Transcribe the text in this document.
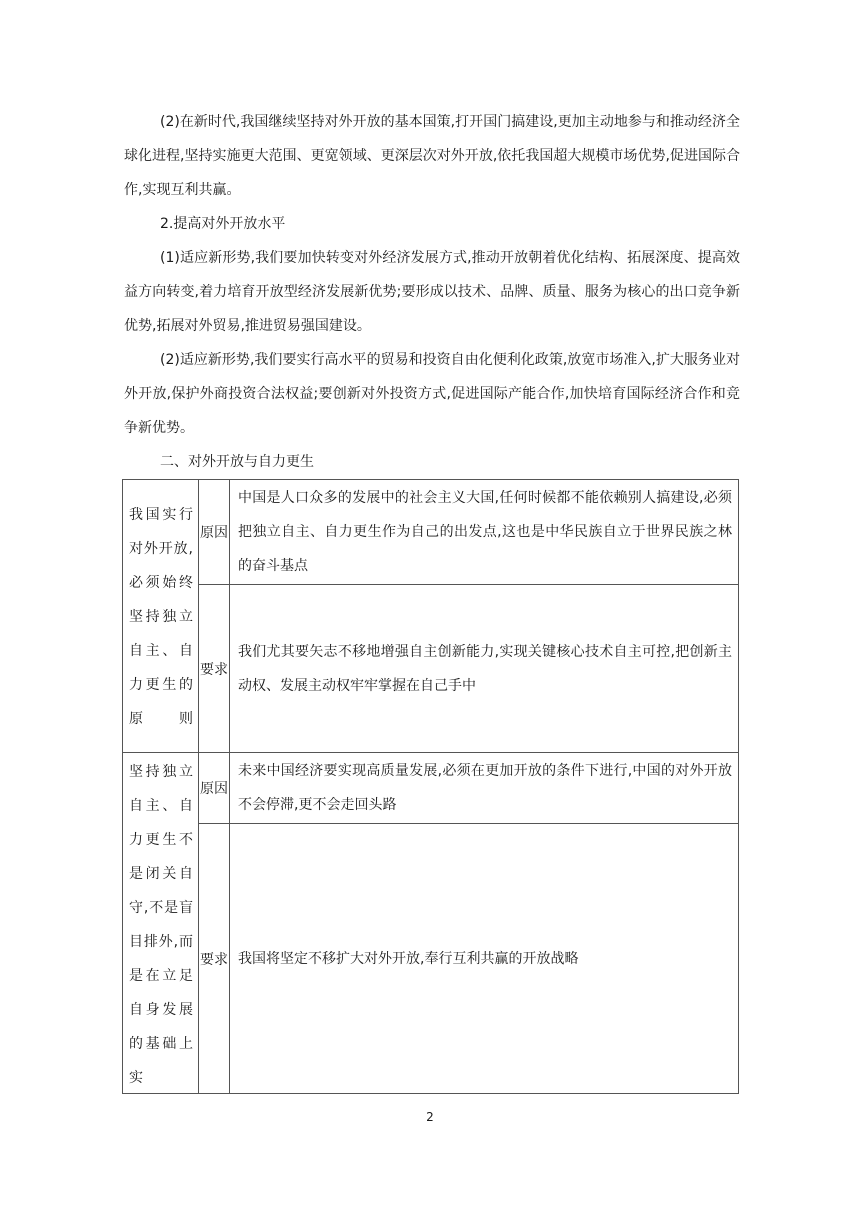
(2)在新时代,我国继续坚持对外开放的基本国策,打开国门搞建设,更加主动地参与和推动经济全球化进程,坚持实施更大范围、更宽领域、更深层次对外开放,依托我国超大规模市场优势,促进国际合作,实现互利共赢。

2.提高对外开放水平

(1)适应新形势,我们要加快转变对外经济发展方式,推动开放朝着优化结构、拓展深度、提高效益方向转变,着力培育开放型经济发展新优势;要形成以技术、品牌、质量、服务为核心的出口竞争新优势,拓展对外贸易,推进贸易强国建设。

(2)适应新形势,我们要实行高水平的贸易和投资自由化便利化政策,放宽市场准入,扩大服务业对外开放,保护外商投资合法权益;要创新对外投资方式,促进国际产能合作,加快培育国际经济合作和竞争新优势。

二、对外开放与自力更生

我国实行对外开放,必须始终坚持独立自主、自力更生的原则	原因	中国是人口众多的发展中的社会主义大国,任何时候都不能依赖别人搞建设,必须把独立自主、自力更生作为自己的出发点,这也是中华民族自立于世界民族之林的奋斗基点
	要求	我们尤其要矢志不移地增强自主创新能力,实现关键核心技术自主可控,把创新主动权、发展主动权牢牢掌握在自己手中

坚持独立自主、自力更生不是闭关自守,不是盲目排外,而是在立足自身发展的基础上实	原因	未来中国经济要实现高质量发展,必须在更加开放的条件下进行,中国的对外开放不会停滞,更不会走回头路
	要求	我国将坚定不移扩大对外开放,奉行互利共赢的开放战略

2
